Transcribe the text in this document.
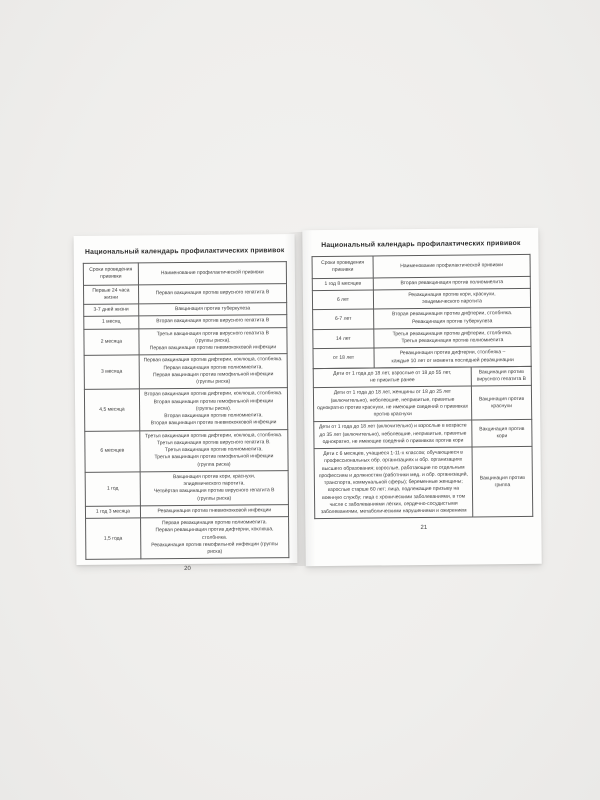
Национальный календарь профилактических прививок
Сроки проведения прививки	Наименование профилактической прививки
Первые 24 часа жизни	Первая вакцинация против вирусного гепатита В
3-7 дней жизни	Вакцинация против туберкулеза
1 месяц	Вторая вакцинация против вирусного гепатита В
2 месяца	Третья вакцинация против вирусного гепатита В
(группы риска).
Первая вакцинация против пневмококковой инфекции
3 месяца	Первая вакцинация против дифтерии, коклюша, столбняка.
Первая вакцинация против полиомиелита.
Первая вакцинация против гемофильной инфекции
(группы риска)
4,5 месяца	Вторая вакцинация против дифтерии, коклюша, столбняка.
Вторая вакцинация против гемофильной инфекции
(группы риска).
Вторая вакцинация против полиомиелита.
Вторая вакцинация против пневмококковой инфекции
6 месяцев	Третья вакцинация против дифтерии, коклюша, столбняка.
Третья вакцинация против вирусного гепатита В.
Третья вакцинация против полиомиелита.
Третья вакцинация против гемофильной инфекции
(группа риска)
1 год	Вакцинация против кори, краснухи,
эпидемического паротита.
Четвёртая вакцинация против вирусного гепатита В
(группы риска)
1 год 3 месяца	Ревакцинация против пневмококковой инфекции
1,5 года	Первая ревакцинация против полиомиелита.
Первая ревакцинация против дифтерии, коклюша, столбняка.
Ревакцинация против гемофильной инфекции (группы риска)
20
Национальный календарь профилактических прививок
Сроки проведения прививки	Наименование профилактической прививки
1 год 8 месяцев	Вторая ревакцинация против полиомиелита
6 лет	Ревакцинация против кори, краснухи,
эпидемического паротита
6-7 лет	Вторая ревакцинация против дифтерии, столбняка.
Ревакцинация против туберкулеза
14 лет	Третья ревакцинация против дифтерии, столбняка.
Третья ревакцинация против полиомиелита
от 18 лет	Ревакцинация против дифтерии, столбняка –
каждые 10 лет от момента последней ревакцинации
Дети от 1 года до 18 лет, взрослые от 18 до 55 лет,
не привитые ранее	Вакцинация против вирусного гепатита В
Дети от 1 года до 18 лет, женщины от 18 до 25 лет (включительно), неболевшие, непривитые, привитые однократно против краснухи, не имеющие сведений о прививках против краснухи	Вакцинация против краснухи
Дети от 1 года до 18 лет (включительно) и взрослые в возрасте до 35 лет (включительно), неболевшие, непривитые, привитые однократно, не имеющие сведений о прививках против кори	Вакцинация против кори
Дети с 6 месяцев, учащиеся 1-11-х классов; обучающиеся в профессиональных обр. организациях и обр. организациях высшего образования; взрослые, работающие по отдельным профессиям и должностям (работники мед. и обр. организаций, транспорта, коммунальной сферы); беременные женщины; взрослые старше 60 лет; лица, подлежащие призыву на военную службу; лица с хроническими заболеваниями, в том числе с заболеваниями лёгких, сердечно-сосудистыми заболеваниями, метаболическими нарушениями и ожирением	Вакцинация против гриппа
21
